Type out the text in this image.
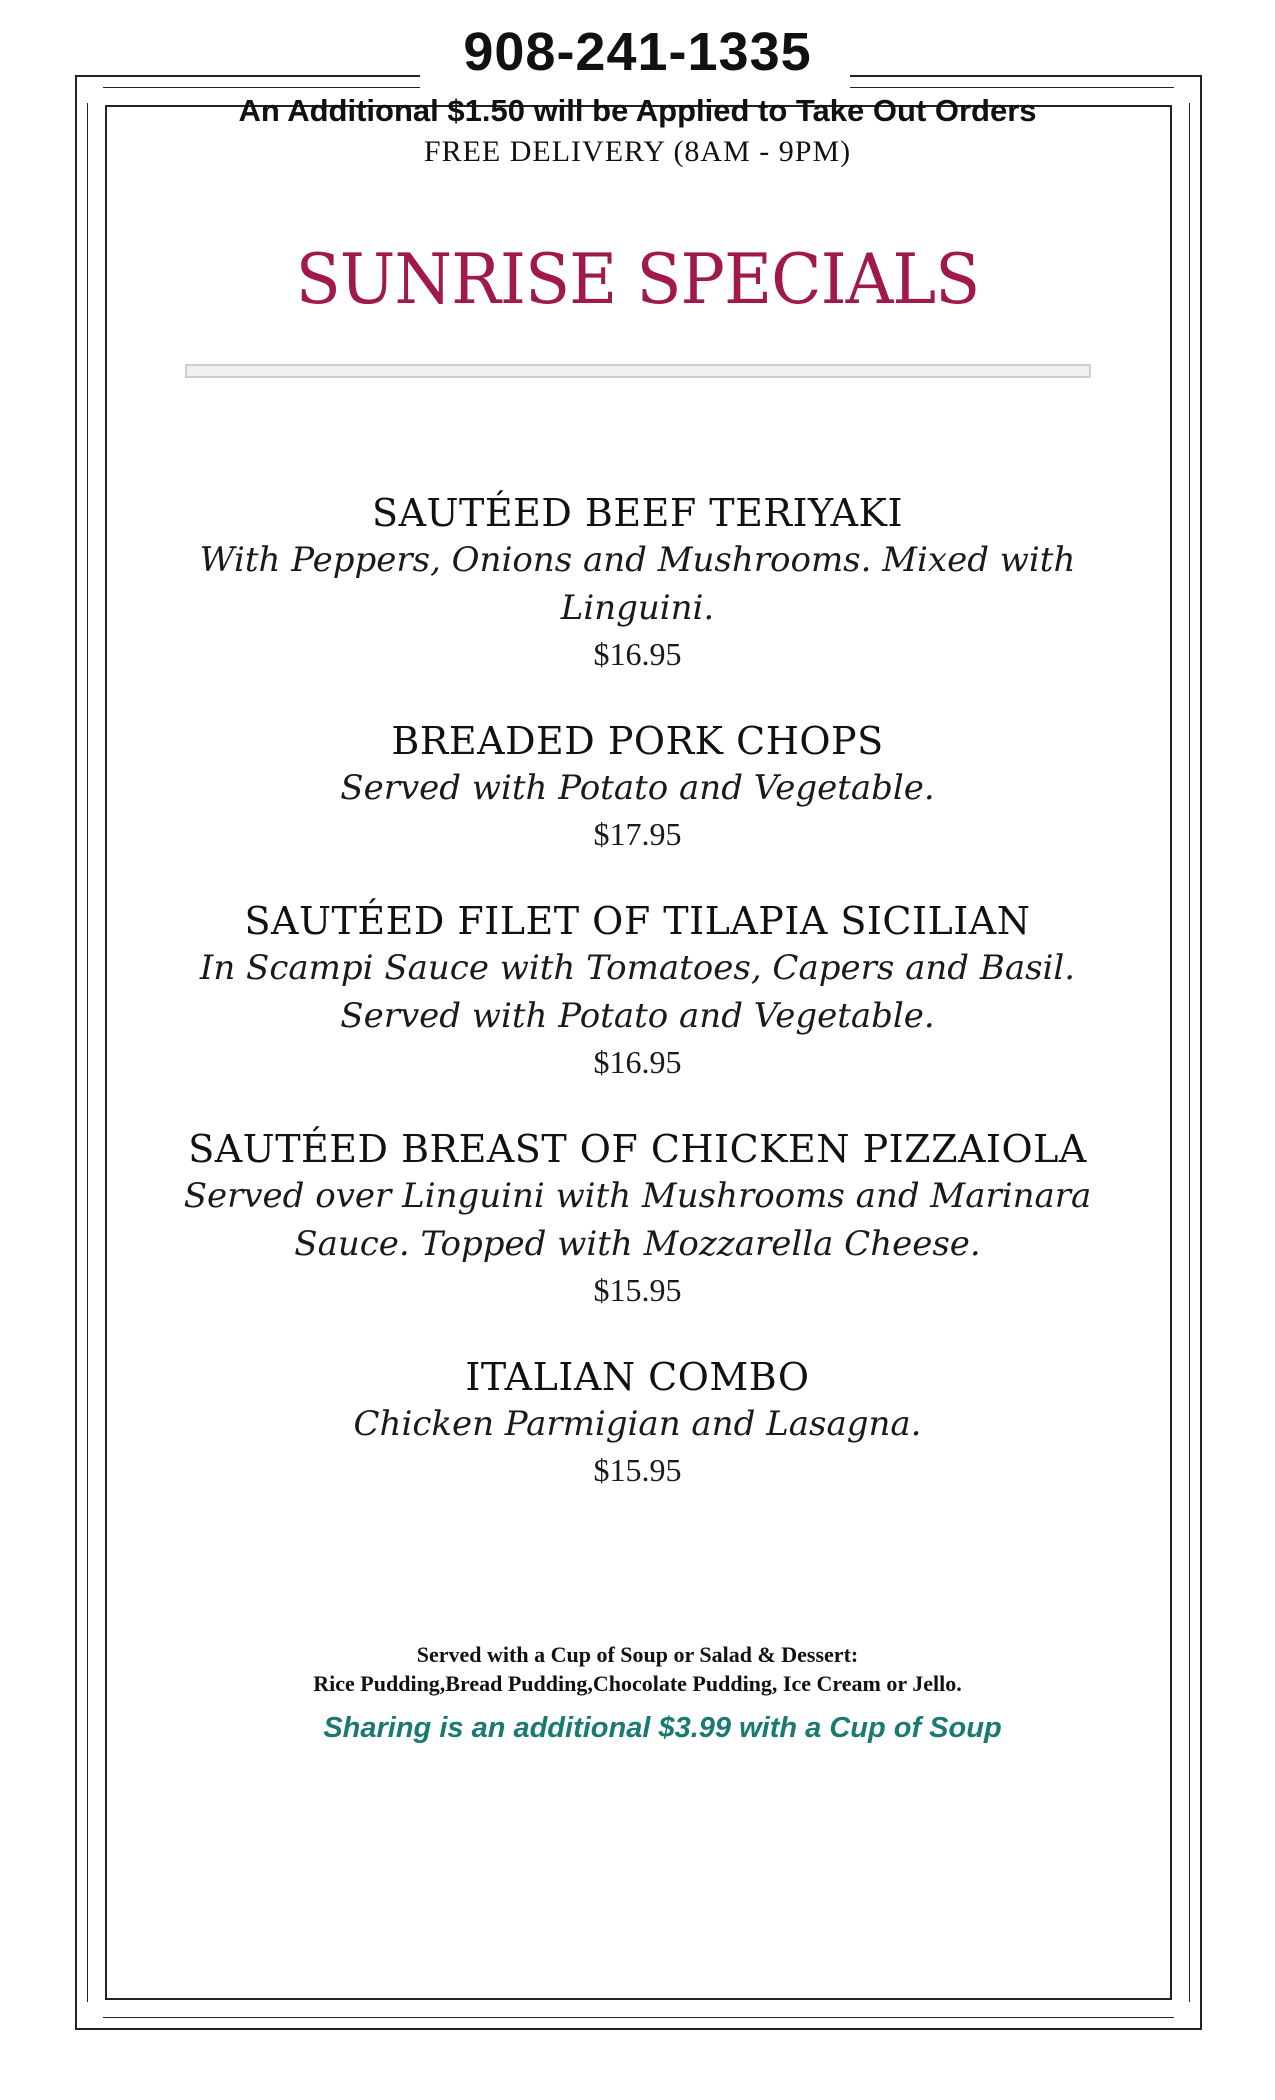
908-241-1335
An Additional $1.50 will be Applied to Take Out Orders
FREE DELIVERY (8AM - 9PM)
SUNRISE SPECIALS
SAUTÉED BEEF TERIYAKI
With Peppers, Onions and Mushrooms. Mixed with
Linguini.
$16.95
BREADED PORK CHOPS
Served with Potato and Vegetable.
$17.95
SAUTÉED FILET OF TILAPIA SICILIAN
In Scampi Sauce with Tomatoes, Capers and Basil.
Served with Potato and Vegetable.
$16.95
SAUTÉED BREAST OF CHICKEN PIZZAIOLA
Served over Linguini with Mushrooms and Marinara
Sauce. Topped with Mozzarella Cheese.
$15.95
ITALIAN COMBO
Chicken Parmigian and Lasagna.
$15.95
Served with a Cup of Soup or Salad & Dessert:
Rice Pudding,Bread Pudding,Chocolate Pudding, Ice Cream or Jello.
Sharing is an additional $3.99 with a Cup of Soup
